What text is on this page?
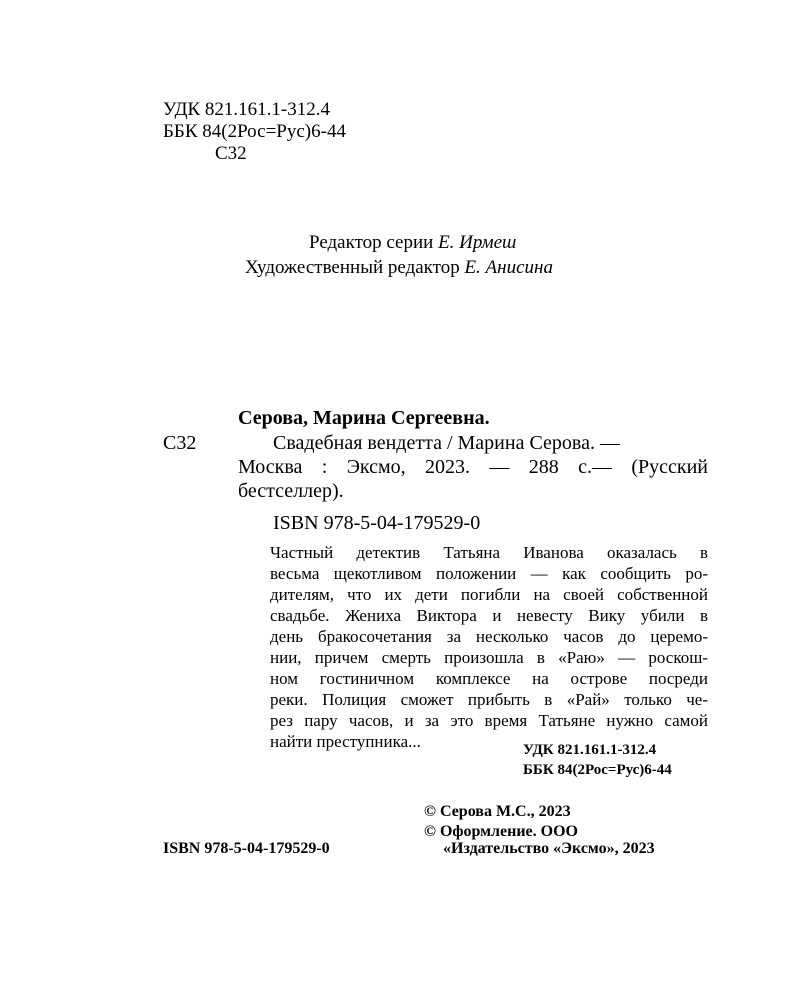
УДК 821.161.1-312.4
ББК 84(2Рос=Рус)6-44
С32
Редактор серии Е. Ирмеш
Художественный редактор Е. Анисина
Серова, Марина Сергеевна.
С32	Свадебная вендетта / Марина Серова. —
Москва : Эксмо, 2023. — 288 с.— (Русский
бестселлер).
ISBN 978-5-04-179529-0

Частный детектив Татьяна Иванова оказалась в

весьма щекотливом положении — как сообщить ро-

дителям, что их дети погибли на своей собственной

свадьбе. Жениха Виктора и невесту Вику убили в

день бракосочетания за несколько часов до церемо-

нии, причем смерть произошла в «Раю» — роскош-

ном гостиничном комплексе на острове посреди

реки. Полиция сможет прибыть в «Рай» только че-

рез пару часов, и за это время Татьяне нужно самой

найти преступника...	УДК 821.161.1-312.4
ББК 84(2Рос=Рус)6-44
© Серова М.С., 2023
© Оформление. ООО
«Издательство «Эксмо», 2023
ISBN 978-5-04-179529-0
